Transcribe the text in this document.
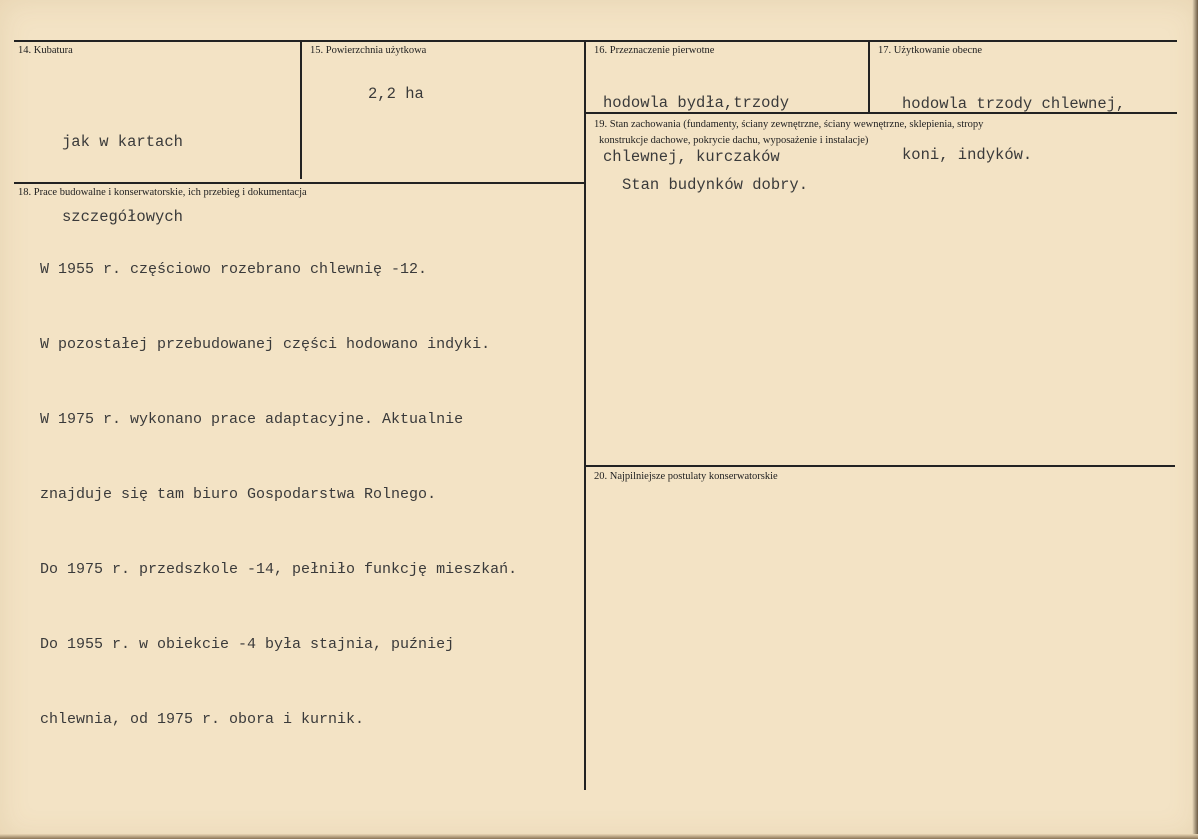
14. Kubatura

jak w kartach

szczegółowych

15. Powierzchnia użytkowa
2,2 ha
16. Przeznaczenie pierwotne

hodowla bydła,trzody

chlewnej, kurczaków

17. Użytkowanie obecne

hodowla trzody chlewnej,

koni, indyków.

18. Prace budowalne i konserwatorskie, ich przebieg i dokumentacja

W 1955 r. częściowo rozebrano chlewnię -12.

W pozostałej przebudowanej części hodowano indyki.

W 1975 r. wykonano prace adaptacyjne. Aktualnie

znajduje się tam biuro Gospodarstwa Rolnego.

Do 1975 r. przedszkole -14, pełniło funkcję mieszkań.

Do 1955 r. w obiekcie -4 była stajnia, puźniej

chlewnia, od 1975 r. obora i kurnik.

19. Stan zachowania (fundamenty, ściany zewnętrzne, ściany wewnętrzne, sklepienia, stropy
konstrukcje dachowe, pokrycie dachu, wyposażenie i instalacje)
Stan budynków dobry.
20. Najpilniejsze postulaty konserwatorskie
